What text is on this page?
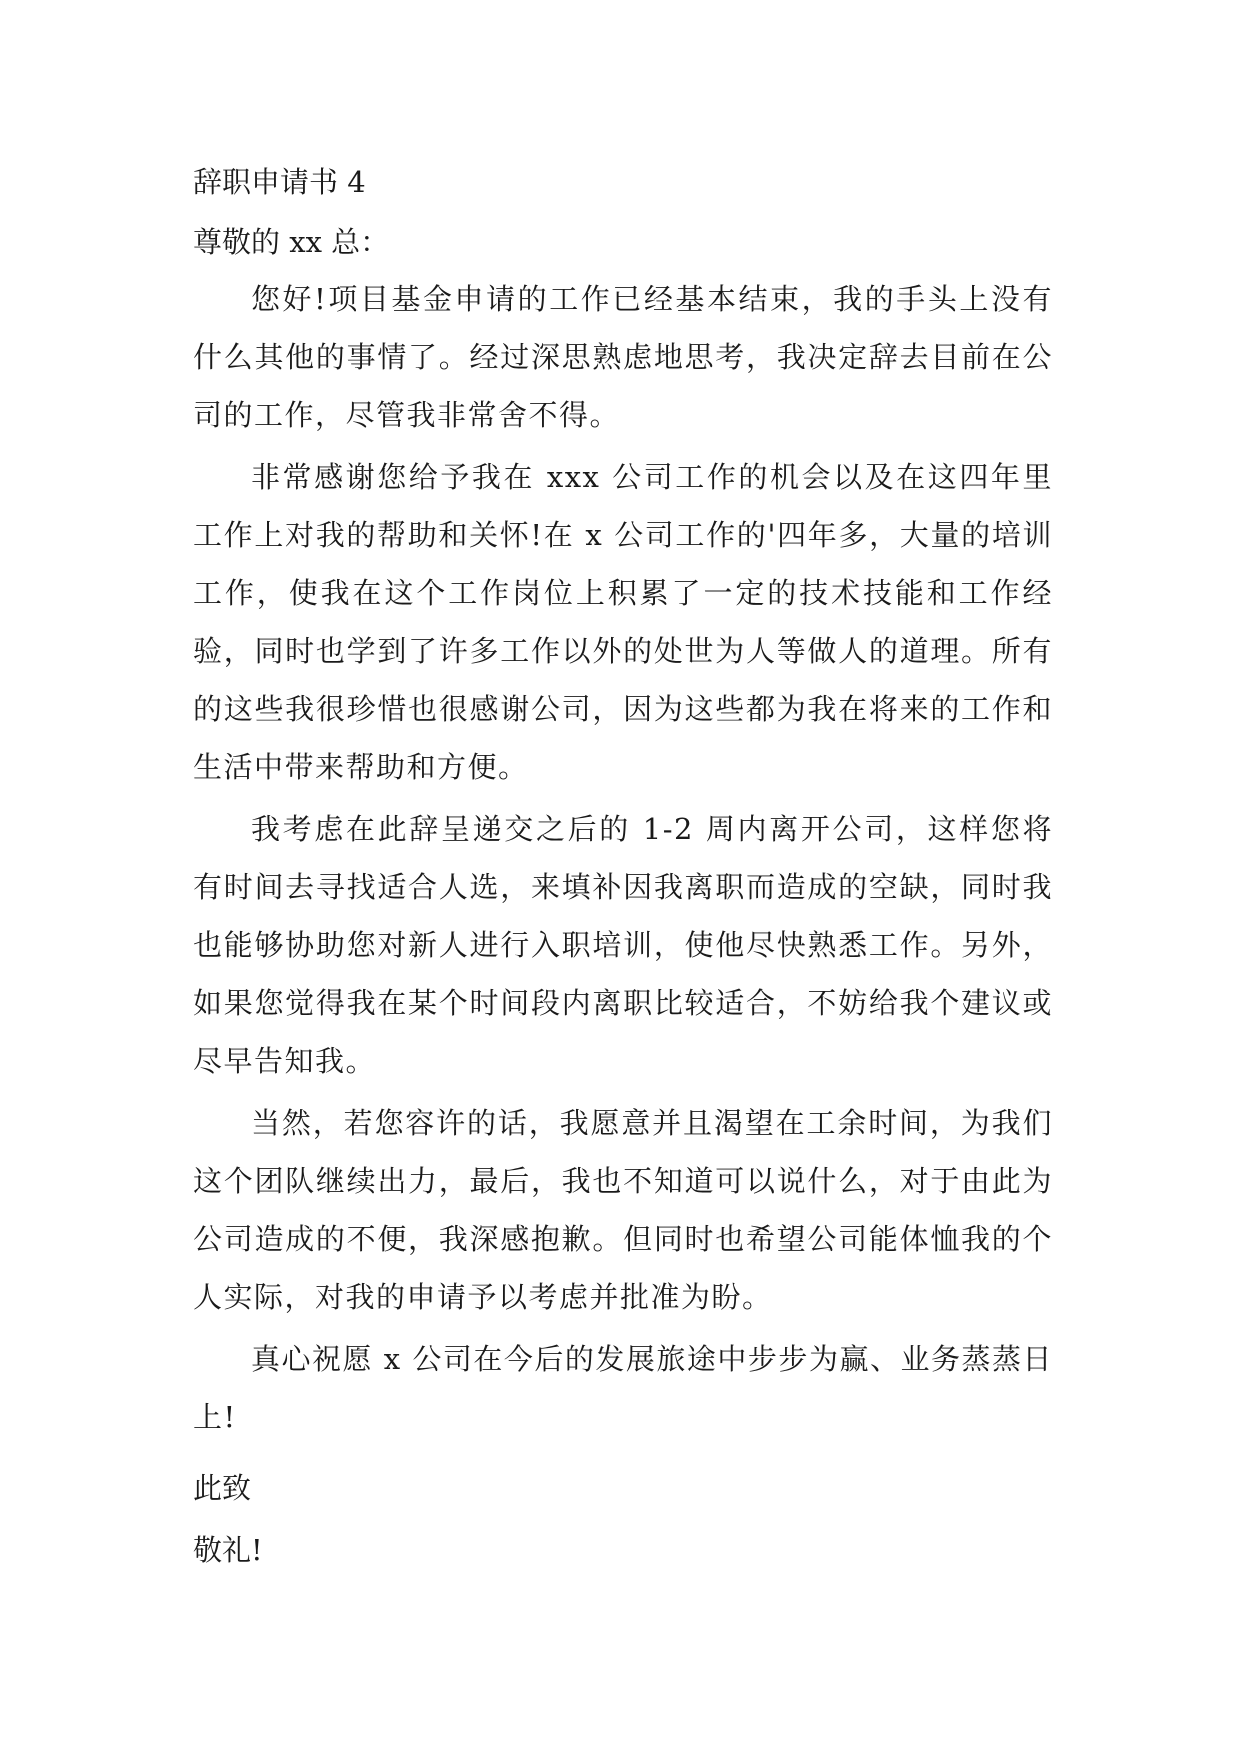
辞职申请书 4
尊敬的 xx 总：

您好!项目基金申请的工作已经基本结束，我的手头上没有什么其他的事情了。经过深思熟虑地思考，我决定辞去目前在公司的工作，尽管我非常舍不得。

非常感谢您给予我在 xxx 公司工作的机会以及在这四年里工作上对我的帮助和关怀!在 x 公司工作的'四年多，大量的培训工作，使我在这个工作岗位上积累了一定的技术技能和工作经验，同时也学到了许多工作以外的处世为人等做人的道理。所有的这些我很珍惜也很感谢公司，因为这些都为我在将来的工作和生活中带来帮助和方便。

我考虑在此辞呈递交之后的 1-2 周内离开公司，这样您将有时间去寻找适合人选，来填补因我离职而造成的空缺，同时我也能够协助您对新人进行入职培训，使他尽快熟悉工作。另外，如果您觉得我在某个时间段内离职比较适合，不妨给我个建议或尽早告知我。

当然，若您容许的话，我愿意并且渴望在工余时间，为我们这个团队继续出力，最后，我也不知道可以说什么，对于由此为公司造成的不便，我深感抱歉。但同时也希望公司能体恤我的个人实际，对我的申请予以考虑并批准为盼。

真心祝愿 x 公司在今后的发展旅途中步步为赢、业务蒸蒸日上!

此致
敬礼!
